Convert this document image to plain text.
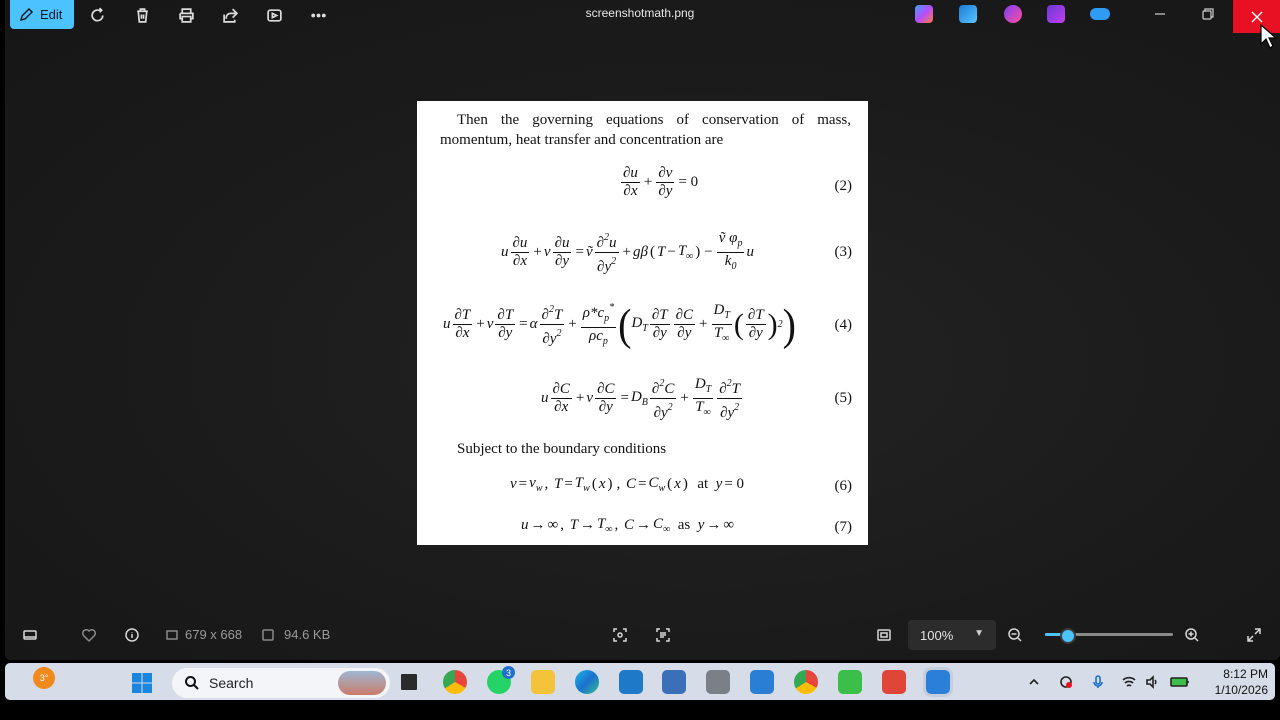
Edit	screenshotmath.png
Then the governing equations of conservation of mass, momentum, heat transfer and concentration are
$\frac{\partial u}{\partial x} + \frac{\partial v}{\partial y} = 0$	(2)
u $\frac{\partial u}{\partial x} + v \frac{\partial u}{\partial y}$ = ṽ $\frac{\partial^2u}{\partial y^2} + g\beta$ ( $T - T_\infty$ ) − $\frac{ṽ \varphi_p}{k_0}$ u	(3)
u $\frac{\partial T}{\partial x} + v \frac{\partial T}{\partial y} = \alpha \frac{\partial^2T}{\partial y^2} + \frac{\rho*c_p^*}{\rho c_p}$ ( $D_T \frac{\partial T}{\partial y} \frac{\partial C}{\partial y} + \frac{D_T}{T_\infty}$ ( $\frac{\partial T}{\partial y}$ ) 2 )	(4)
u $\frac{\partial C}{\partial x} + v \frac{\partial C}{\partial y} = D_B \frac{\partial^2C}{\partial y^2} + \frac{D_T}{T_\infty} \frac{\partial^2T}{\partial y^2}$	(5)
Subject to the boundary conditions
$v = v_w$ ,
$T = T_w$ ( x ) ,
$C = C_w$ ( x )
at
y = 0	(6)
u → ∞ ,
$T \to T_\infty$ ,
$C \to C_\infty$
as
y → ∞	(7)
679 x 668	94.6 KB	100% ▼
3°	Search
3	8:12 PM
1/10/2026
